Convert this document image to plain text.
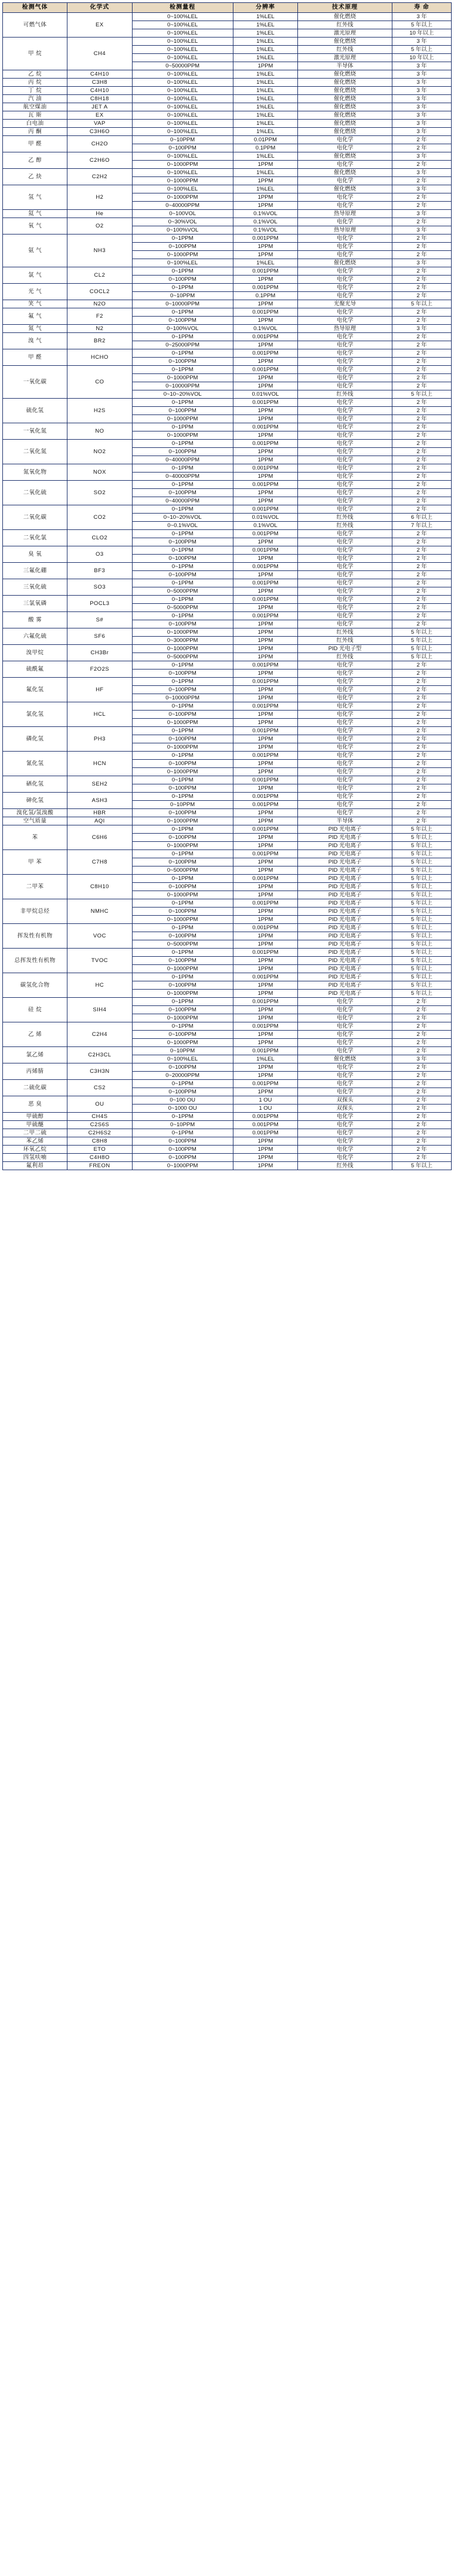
检测气体	化学式	检测量程	分辨率	技术原理	寿 命
可燃气体	EX	0~100%LEL	1%LEL	催化燃烧	3 年
		0~100%LEL	1%LEL	红外线	5 年以上
		0~100%LEL	1%LEL	激光原理	10 年以上
甲 烷	CH4	0~100%LEL	1%LEL	催化燃烧	3 年
		0~100%LEL	1%LEL	红外线	5 年以上
		0~100%LEL	1%LEL	激光原理	10 年以上
		0~50000PPM	1PPM	半导体	3 年
乙 烷	C4H10	0~100%LEL	1%LEL	催化燃烧	3 年
丙 烷	C3H8	0~100%LEL	1%LEL	催化燃烧	3 年
丁 烷	C4H10	0~100%LEL	1%LEL	催化燃烧	3 年
汽 油	C8H18	0~100%LEL	1%LEL	催化燃烧	3 年
航空煤油	JET A	0~100%LEL	1%LEL	催化燃烧	3 年
瓦 斯	EX	0~100%LEL	1%LEL	催化燃烧	3 年
白电油	VAP	0~100%LEL	1%LEL	催化燃烧	3 年
丙 酮	C3H6O	0~100%LEL	1%LEL	催化燃烧	3 年
甲 醛	CH2O	0~10PPM	0.01PPM	电化学	2 年
		0~100PPM	0.1PPM	电化学	2 年
乙 醇	C2H6O	0~100%LEL	1%LEL	催化燃烧	3 年
		0~1000PPM	1PPM	电化学	2 年
乙 炔	C2H2	0~100%LEL	1%LEL	催化燃烧	3 年
		0~1000PPM	1PPM	电化学	2 年
氢 气	H2	0~100%LEL	1%LEL	催化燃烧	3 年
		0~1000PPM	1PPM	电化学	2 年
		0~40000PPM	1PPM	电化学	2 年
氦 气	He	0~100VOL	0.1%VOL	热导原理	3 年
氧 气	O2	0~30%VOL	0.1%VOL	电化学	2 年
		0~100%VOL	0.1%VOL	热导原理	3 年
氨 气	NH3	0~1PPM	0.001PPM	电化学	2 年
		0~100PPM	1PPM	电化学	2 年
		0~1000PPM	1PPM	电化学	2 年
		0~100%LEL	1%LEL	催化燃烧	3 年
氯 气	CL2	0~1PPM	0.001PPM	电化学	2 年
		0~100PPM	1PPM	电化学	2 年
光 气	COCL2	0~1PPM	0.001PPM	电化学	2 年
		0~10PPM	0.1PPM	电化学	2 年
笑 气	N2O	0~10000PPM	1PPM	光聚光导	5 年以上
氟 气	F2	0~1PPM	0.001PPM	电化学	2 年
		0~100PPM	1PPM	电化学	2 年
氮 气	N2	0~100%VOL	0.1%VOL	热导原理	3 年
溴 气	BR2	0~1PPM	0.001PPM	电化学	2 年
		0~25000PPM	1PPM	电化学	2 年
甲 醛	HCHO	0~1PPM	0.001PPM	电化学	2 年
		0~100PPM	1PPM	电化学	2 年
一氧化碳	CO	0~1PPM	0.001PPM	电化学	2 年
		0~1000PPM	1PPM	电化学	2 年
		0~10000PPM	1PPM	电化学	2 年
		0~10~20%VOL	0.01%VOL	红外线	5 年以上
硫化氢	H2S	0~1PPM	0.001PPM	电化学	2 年
		0~100PPM	1PPM	电化学	2 年
		0~1000PPM	1PPM	电化学	2 年
一氧化氮	NO	0~1PPM	0.001PPM	电化学	2 年
		0~1000PPM	1PPM	电化学	2 年
二氧化氮	NO2	0~1PPM	0.001PPM	电化学	2 年
		0~100PPM	1PPM	电化学	2 年
		0~40000PPM	1PPM	电化学	2 年
氮氧化物	NOX	0~1PPM	0.001PPM	电化学	2 年
		0~40000PPM	1PPM	电化学	2 年
二氧化硫	SO2	0~1PPM	0.001PPM	电化学	2 年
		0~100PPM	1PPM	电化学	2 年
		0~40000PPM	1PPM	电化学	2 年
二氧化碳	CO2	0~1PPM	0.001PPM	电化学	2 年
		0~10~20%VOL	0.01%VOL	红外线	6 年以上
		0~0.1%VOL	0.1%VOL	红外线	7 年以上
二氧化氯	CLO2	0~1PPM	0.001PPM	电化学	2 年
		0~100PPM	1PPM	电化学	2 年
臭 氧	O3	0~1PPM	0.001PPM	电化学	2 年
		0~100PPM	1PPM	电化学	2 年
三氟化硼	BF3	0~1PPM	0.001PPM	电化学	2 年
		0~100PPM	1PPM	电化学	2 年
三氧化硫	SO3	0~1PPM	0.001PPM	电化学	2 年
		0~5000PPM	1PPM	电化学	2 年
三氯氧磷	POCL3	0~1PPM	0.001PPM	电化学	2 年
		0~5000PPM	1PPM	电化学	2 年
酸 雾	S#	0~1PPM	0.001PPM	电化学	2 年
		0~100PPM	1PPM	电化学	2 年
六氟化硫	SF6	0~1000PPM	1PPM	红外线	5 年以上
		0~3000PPM	1PPM	红外线	5 年以上
溴甲烷	CH3Br	0~1000PPM	1PPM	PID 光电子型	5 年以上
		0~5000PPM	1PPM	红外线	5 年以上
硫酰氟	F2O2S	0~1PPM	0.001PPM	电化学	2 年
		0~100PPM	1PPM	电化学	2 年
氟化氢	HF	0~1PPM	0.001PPM	电化学	2 年
		0~100PPM	1PPM	电化学	2 年
		0~10000PPM	1PPM	电化学	2 年
氯化氢	HCL	0~1PPM	0.001PPM	电化学	2 年
		0~100PPM	1PPM	电化学	2 年
		0~1000PPM	1PPM	电化学	2 年
磷化氢	PH3	0~1PPM	0.001PPM	电化学	2 年
		0~100PPM	1PPM	电化学	2 年
		0~1000PPM	1PPM	电化学	2 年
氰化氢	HCN	0~1PPM	0.001PPM	电化学	2 年
		0~100PPM	1PPM	电化学	2 年
		0~1000PPM	1PPM	电化学	2 年
硒化氢	SEH2	0~1PPM	0.001PPM	电化学	2 年
		0~100PPM	1PPM	电化学	2 年
砷化氢	ASH3	0~1PPM	0.001PPM	电化学	2 年
		0~10PPM	0.001PPM	电化学	2 年
溴化氢/氢溴酸	HBR	0~100PPM	1PPM	电化学	2 年
空气质量	AQI	0~1000PPM	1PPM	半导体	2 年
苯	C6H6	0~1PPM	0.001PPM	PID 光电离子	5 年以上
		0~100PPM	1PPM	PID 光电离子	5 年以上
		0~1000PPM	1PPM	PID 光电离子	5 年以上
甲 苯	C7H8	0~1PPM	0.001PPM	PID 光电离子	5 年以上
		0~100PPM	1PPM	PID 光电离子	5 年以上
		0~5000PPM	1PPM	PID 光电离子	5 年以上
二甲苯	C8H10	0~1PPM	0.001PPM	PID 光电离子	5 年以上
		0~100PPM	1PPM	PID 光电离子	5 年以上
		0~1000PPM	1PPM	PID 光电离子	5 年以上
非甲烷总烃	NMHC	0~1PPM	0.001PPM	PID 光电离子	5 年以上
		0~100PPM	1PPM	PID 光电离子	5 年以上
		0~1000PPM	1PPM	PID 光电离子	5 年以上
挥发性有机物	VOC	0~1PPM	0.001PPM	PID 光电离子	5 年以上
		0~100PPM	1PPM	PID 光电离子	5 年以上
		0~5000PPM	1PPM	PID 光电离子	5 年以上
总挥发性有机物	TVOC	0~1PPM	0.001PPM	PID 光电离子	5 年以上
		0~100PPM	1PPM	PID 光电离子	5 年以上
		0~1000PPM	1PPM	PID 光电离子	5 年以上
碳氢化合物	HC	0~1PPM	0.001PPM	PID 光电离子	5 年以上
		0~100PPM	1PPM	PID 光电离子	5 年以上
		0~1000PPM	1PPM	PID 光电离子	5 年以上
硅 烷	SIH4	0~1PPM	0.001PPM	电化学	2 年
		0~100PPM	1PPM	电化学	2 年
		0~1000PPM	1PPM	电化学	2 年
乙 烯	C2H4	0~1PPM	0.001PPM	电化学	2 年
		0~100PPM	1PPM	电化学	2 年
		0~1000PPM	1PPM	电化学	2 年
氯乙烯	C2H3CL	0~10PPM	0.001PPM	电化学	2 年
		0~100%LEL	1%LEL	催化燃烧	3 年
丙烯腈	C3H3N	0~100PPM	1PPM	电化学	2 年
		0~20000PPM	1PPM	电化学	2 年
二硫化碳	CS2	0~1PPM	0.001PPM	电化学	2 年
		0~100PPM	1PPM	电化学	2 年
恶 臭	OU	0~100 OU	1 OU	双探头	2 年
		0~1000 OU	1 OU	双探头	2 年
甲硫醇	CH4S	0~1PPM	0.001PPM	电化学	2 年
甲硫醚	C2S6S	0~10PPM	0.001PPM	电化学	2 年
二甲二硫	C2H6S2	0~1PPM	0.001PPM	电化学	2 年
苯乙烯	C8H8	0~100PPM	1PPM	电化学	2 年
环氧乙烷	ETO	0~100PPM	1PPM	电化学	2 年
四氢呋喃	C4H8O	0~100PPM	1PPM	电化学	2 年
氟利昂	FREON	0~1000PPM	1PPM	红外线	5 年以上
